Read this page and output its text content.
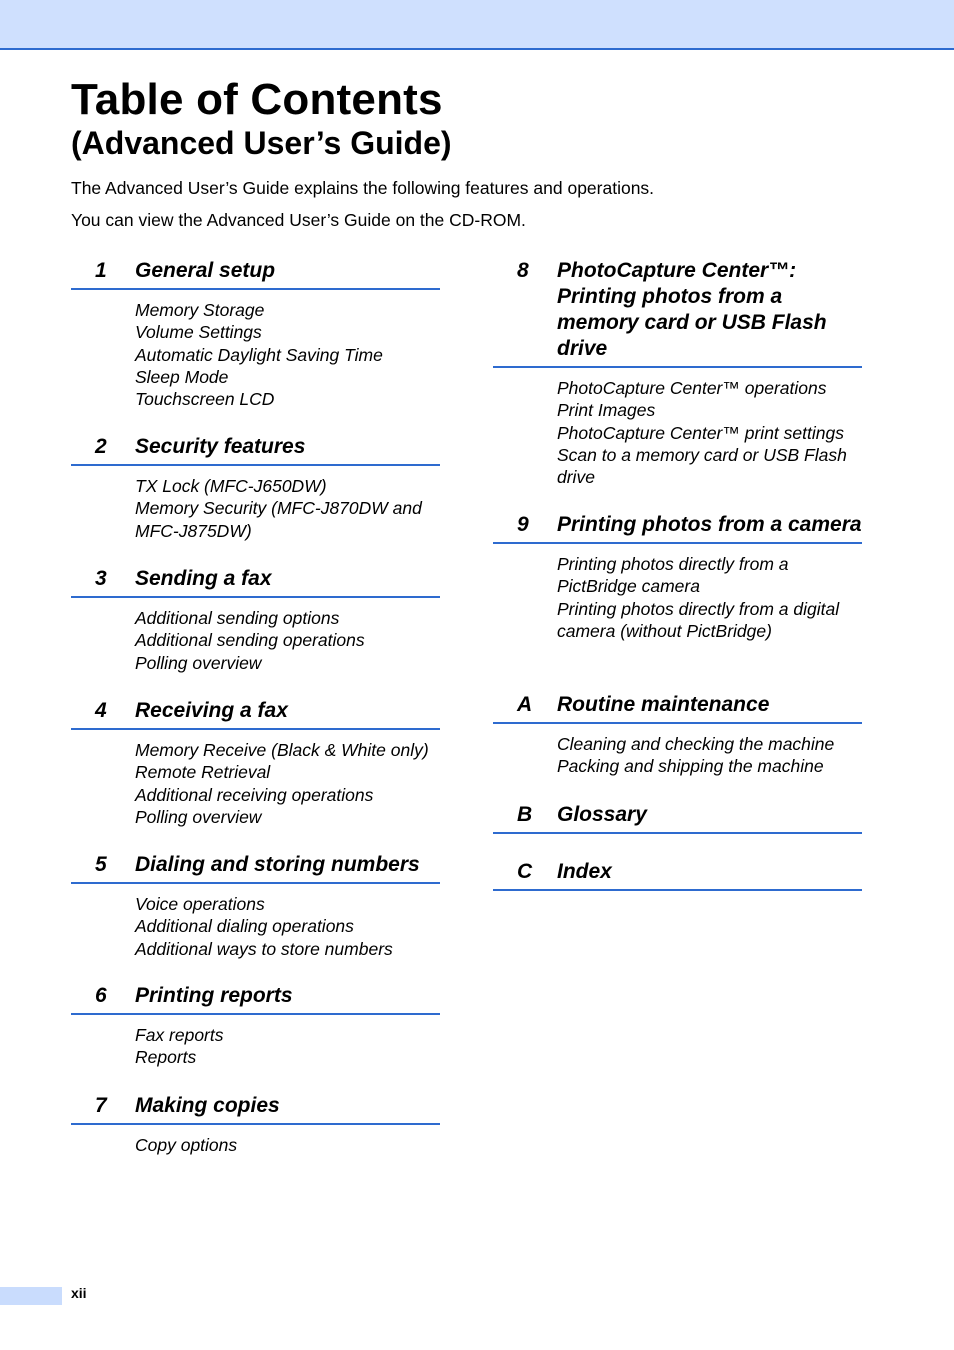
Table of Contents
(Advanced User’s Guide)

The Advanced User’s Guide explains the following features and operations.

You can view the Advanced User’s Guide on the CD-ROM.

1 General setup
Memory Storage
Volume Settings
Automatic Daylight Saving Time
Sleep Mode
Touchscreen LCD
2 Security features
TX Lock (MFC-J650DW)
Memory Security (MFC-J870DW and MFC-J875DW)
3 Sending a fax
Additional sending options
Additional sending operations
Polling overview
4 Receiving a fax
Memory Receive (Black & White only)
Remote Retrieval
Additional receiving operations
Polling overview
5 Dialing and storing numbers
Voice operations
Additional dialing operations
Additional ways to store numbers
6 Printing reports
Fax reports
Reports
7 Making copies
Copy options
8 PhotoCapture Center™: Printing photos from a memory card or USB Flash drive
PhotoCapture Center™ operations
Print Images
PhotoCapture Center™ print settings
Scan to a memory card or USB Flash drive
9 Printing photos from a camera
Printing photos directly from a PictBridge camera
Printing photos directly from a digital camera (without PictBridge)
A Routine maintenance
Cleaning and checking the machine
Packing and shipping the machine
B Glossary
C Index
xii
